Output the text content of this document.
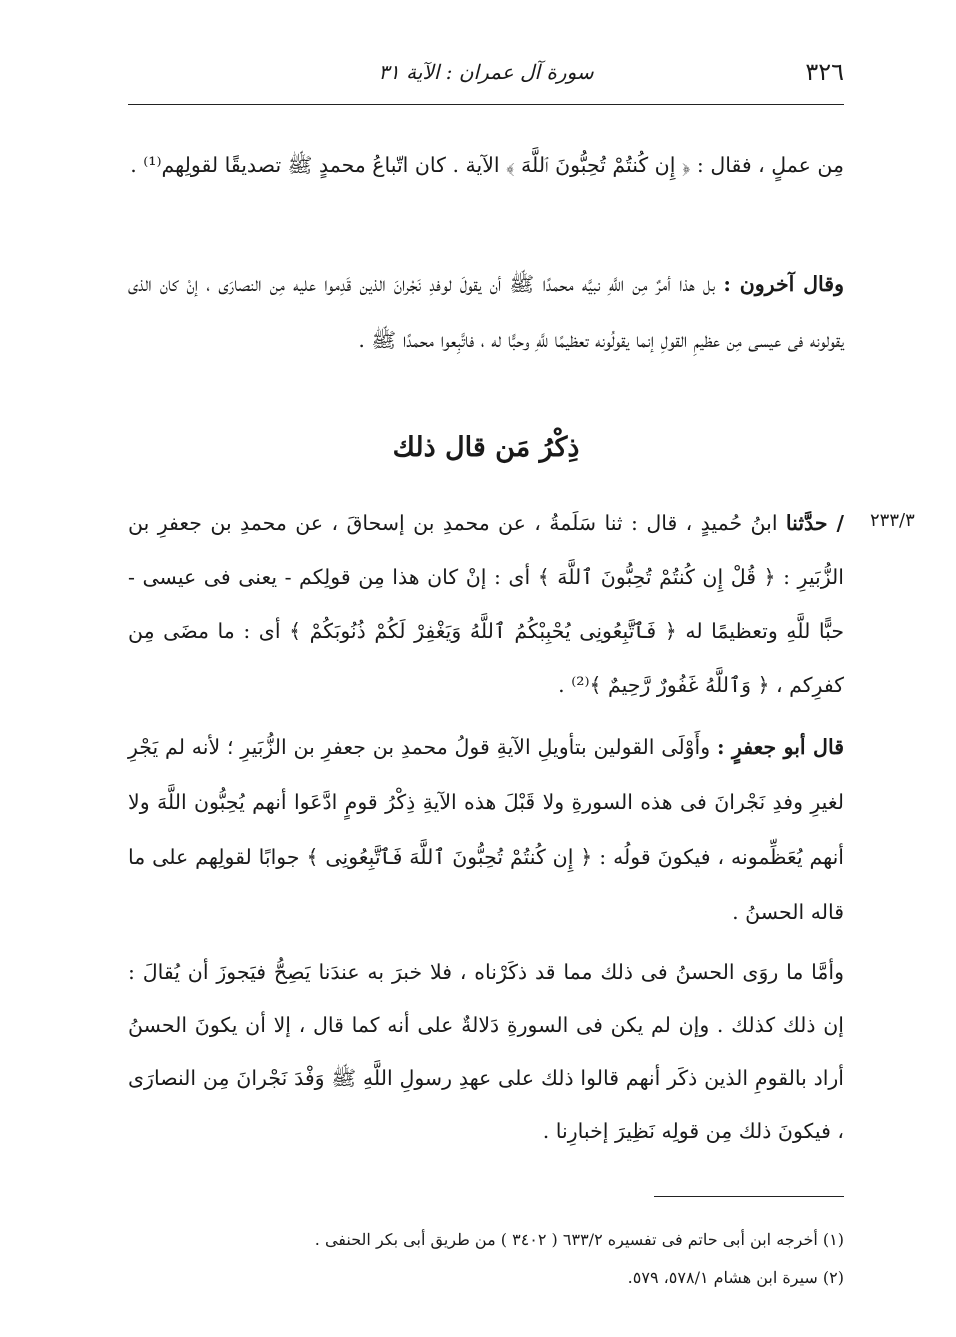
٣٢٦
سورة آل عمران : الآية ٣١
مِن عملٍ ، فقال : ﴿ إِن كُنتُمْ تُحِبُّونَ ٱللَّهَ ﴾ الآية . كان اتّباعُ محمدٍ ﷺ تصديقًا لقولِهم⁽¹⁾ .
وقال آخرون : بل هذا أمرٌ مِن اللَّهِ نبيَّه محمدًا ﷺ أن يقولَ لوفدِ نَجْرانَ الذين قَدِموا عليه مِن النصارَى ، إنْ كان الذى يقولونه فى عيسى مِن عظيمِ القولِ إنما يقولُونه تعظيمًا للَّهِ وحبًّا له ، فاتَّبِعوا محمدًا ﷺ .
ذِكْرُ مَن قال ذلك
٢٣٣/٣
/ حدَّثنا ابنُ حُميدٍ ، قال : ثنا سَلَمةُ ، عن محمدِ بن إسحاقَ ، عن محمدِ بن جعفرِ بن الزُّبَيرِ : ﴿ قُلْ إِن كُنتُمْ تُحِبُّونَ ٱللَّهَ ﴾ أى : إنْ كان هذا مِن قولِكم - يعنى فى عيسى - حبًّا للَّهِ وتعظيمًا له ﴿ فَٱتَّبِعُونِى يُحْبِبْكُمُ ٱللَّهُ وَيَغْفِرْ لَكُمْ ذُنُوبَكُمْ ﴾ أى : ما مضَى مِن كفرِكم ، ﴿ وَٱللَّهُ غَفُورٌ رَّحِيمٌ ﴾⁽²⁾ .
قال أبو جعفرٍ : وأَوْلَى القولين بتأويلِ الآيةِ قولُ محمدِ بن جعفرِ بن الزُّبَيرِ ؛ لأنه لم يَجْرِ لغيرِ وفدِ نَجْرانَ فى هذه السورةِ ولا قَبْلَ هذه الآيةِ ذِكْرُ قومٍ ادَّعَوا أنهم يُحِبُّون اللَّهَ ولا أنهم يُعَظِّمونه ، فيكونَ قولُه : ﴿ إِن كُنتُمْ تُحِبُّونَ ٱللَّهَ فَٱتَّبِعُونِى ﴾ جوابًا لقولِهم على ما قاله الحسنُ .
وأمَّا ما روَى الحسنُ فى ذلك مما قد ذكَرْناه ، فلا خبرَ به عندَنا يَصِحُّ فيَجوزَ أن يُقالَ : إن ذلك كذلك . وإن لم يكن فى السورةِ دَلالةٌ على أنه كما قال ، إلا أن يكونَ الحسنُ أراد بالقومِ الذين ذكَر أنهم قالوا ذلك على عهدِ رسولِ اللَّهِ ﷺ وَفْدَ نَجْرانَ مِن النصارَى ، فيكونَ ذلك مِن قولِه نَظِيرَ إخبارِنا .
(١) أخرجه ابن أبى حاتم فى تفسيره ٦٣٣/٢ ( ٣٤٠٢ ) من طريق أبى بكر الحنفى .
(٢) سيرة ابن هشام ٥٧٨/١، ٥٧٩.
